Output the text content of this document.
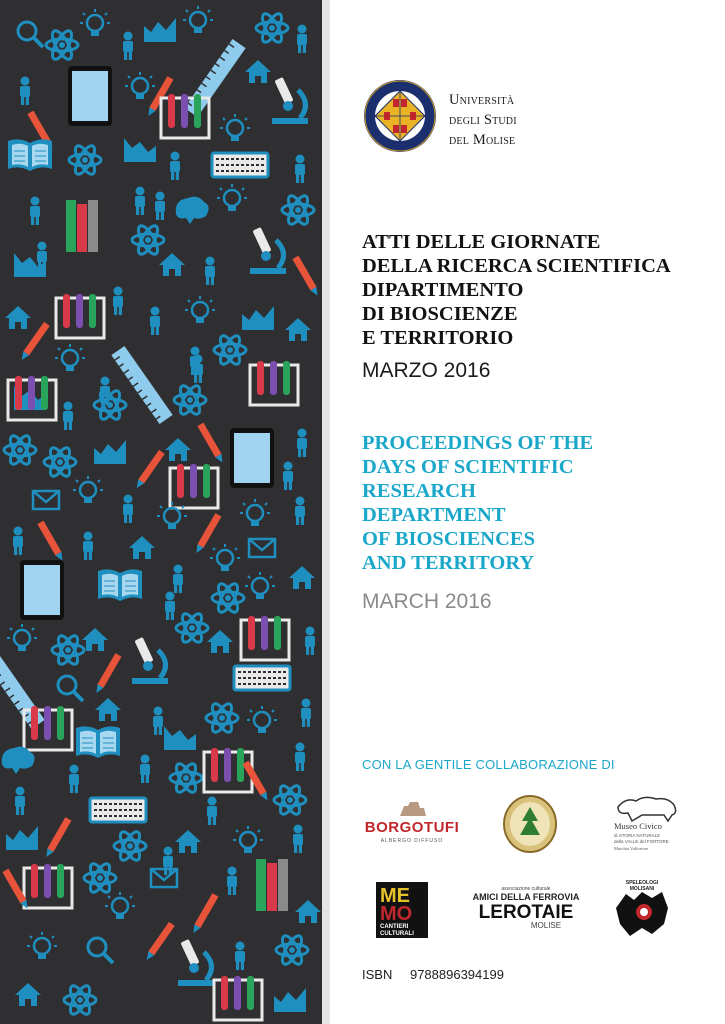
Università
degli Studi
del Molise
ATTI DELLE GIORNATE
DELLA RICERCA SCIENTIFICA
DIPARTIMENTO
DI BIOSCIENZE
E TERRITORIO
MARZO 2016
PROCEEDINGS OF THE
DAYS OF SCIENTIFIC
RESEARCH
DEPARTMENT
OF BIOSCIENCES
AND TERRITORY
MARCH 2016
CON LA GENTILE COLLABORAZIONE DI
BORGOTUFI
ALBERGO DIFFUSO
Museo Civico
di STORIA NATURALE
della VALLE del FORTORE
Marchia Valfortore
ME
MO
CANTIERI
CULTURALI
associazione culturale
AMICI DELLA FERROVIA
LEROTAIE
MOLISE
SPELEOLOGI
MOLISANI
ISBN 9788896394199
